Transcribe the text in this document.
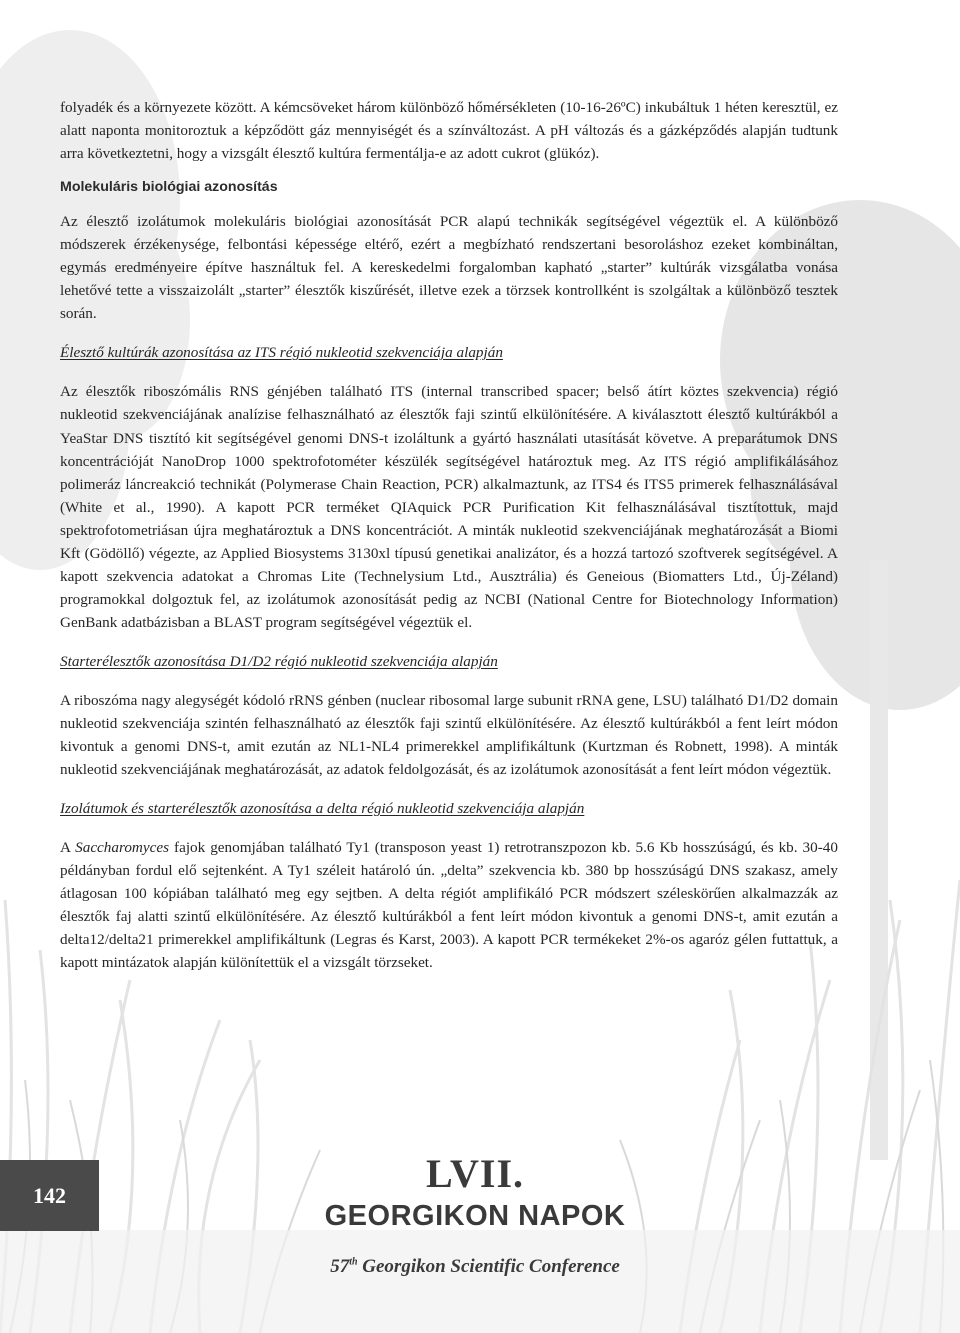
folyadék és a környezete között. A kémcsöveket három különböző hőmérsékleten (10-16-26ºC) inkubáltuk 1 héten keresztül, ez alatt naponta monitoroztuk a képződött gáz mennyiségét és a színváltozást. A pH változás és a gázképződés alapján tudtunk arra következtetni, hogy a vizsgált élesztő kultúra fermentálja-e az adott cukrot (glükóz).

Molekuláris biológiai azonosítás

Az élesztő izolátumok molekuláris biológiai azonosítását PCR alapú technikák segítségével végeztük el. A különböző módszerek érzékenysége, felbontási képessége eltérő, ezért a megbízható rendszertani besoroláshoz ezeket kombináltan, egymás eredményeire építve használtuk fel. A kereskedelmi forgalomban kapható „starter” kultúrák vizsgálatba vonása lehetővé tette a visszaizolált „starter” élesztők kiszűrését, illetve ezek a törzsek kontrollként is szolgáltak a különböző tesztek során.

Élesztő kultúrák azonosítása az ITS régió nukleotid szekvenciája alapján

Az élesztők riboszómális RNS génjében található ITS (internal transcribed spacer; belső átírt köztes szekvencia) régió nukleotid szekvenciájának analízise felhasználható az élesztők faji szintű elkülönítésére. A kiválasztott élesztő kultúrákból a YeaStar DNS tisztító kit segítségével genomi DNS-t izoláltunk a gyártó használati utasítását követve. A preparátumok DNS koncentrációját NanoDrop 1000 spektrofotométer készülék segítségével határoztuk meg. Az ITS régió amplifikálásához polimeráz láncreakció technikát (Polymerase Chain Reaction, PCR) alkalmaztunk, az ITS4 és ITS5 primerek felhasználásával (White et al., 1990). A kapott PCR terméket QIAquick PCR Purification Kit felhasználásával tisztítottuk, majd spektrofotometriásan újra meghatároztuk a DNS koncentrációt. A minták nukleotid szekvenciájának meghatározását a Biomi Kft (Gödöllő) végezte, az Applied Biosystems 3130xl típusú genetikai analizátor, és a hozzá tartozó szoftverek segítségével. A kapott szekvencia adatokat a Chromas Lite (Technelysium Ltd., Ausztrália) és Geneious (Biomatters Ltd., Új-Zéland) programokkal dolgoztuk fel, az izolátumok azonosítását pedig az NCBI (National Centre for Biotechnology Information) GenBank adatbázisban a BLAST program segítségével végeztük el.

Starterélesztők azonosítása D1/D2 régió nukleotid szekvenciája alapján

A riboszóma nagy alegységét kódoló rRNS génben (nuclear ribosomal large subunit rRNA gene, LSU) található D1/D2 domain nukleotid szekvenciája szintén felhasználható az élesztők faji szintű elkülönítésére. Az élesztő kultúrákból a fent leírt módon kivontuk a genomi DNS-t, amit ezután az NL1-NL4 primerekkel amplifikáltunk (Kurtzman és Robnett, 1998). A minták nukleotid szekvenciájának meghatározását, az adatok feldolgozását, és az izolátumok azonosítását a fent leírt módon végeztük.

Izolátumok és starterélesztők azonosítása a delta régió nukleotid szekvenciája alapján

A Saccharomyces fajok genomjában található Ty1 (transposon yeast 1) retrotranszpozon kb. 5.6 Kb hosszúságú, és kb. 30-40 példányban fordul elő sejtenként. A Ty1 széleit határoló ún. „delta” szekvencia kb. 380 bp hosszúságú DNS szakasz, amely átlagosan 100 kópiában található meg egy sejtben. A delta régiót amplifikáló PCR módszert széleskörűen alkalmazzák az élesztők faj alatti szintű elkülönítésére. Az élesztő kultúrákból a fent leírt módon kivontuk a genomi DNS-t, amit ezután a delta12/delta21 primerekkel amplifikáltunk (Legras és Karst, 2003). A kapott PCR termékeket 2%-os agaróz gélen futtattuk, a kapott mintázatok alapján különítettük el a vizsgált törzseket.

142	LVII.
GEORGIKON NAPOK
57th Georgikon Scientific Conference
